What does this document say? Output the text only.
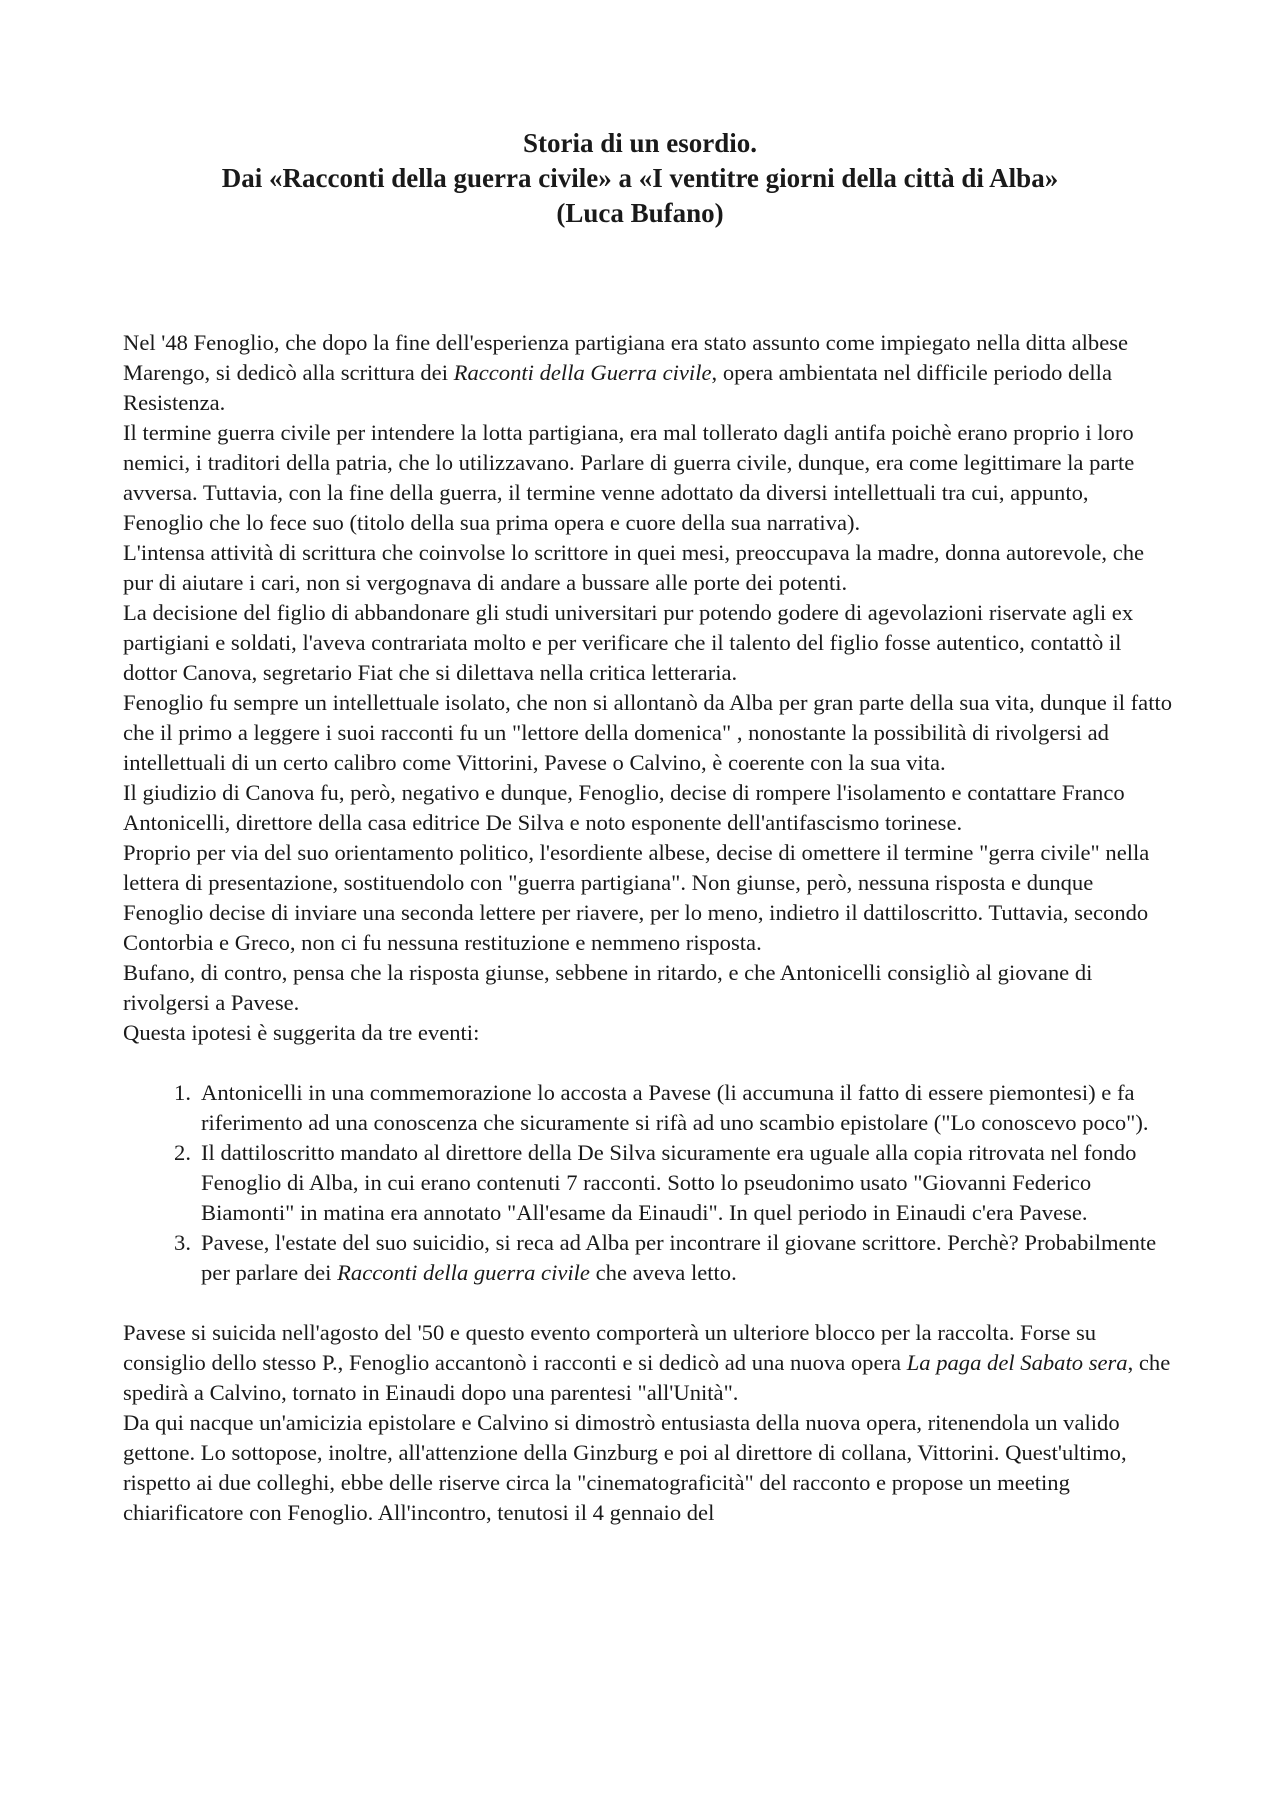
Storia di un esordio.
Dai «Racconti della guerra civile» a «I ventitre giorni della città di Alba»
(Luca Bufano)

Nel '48 Fenoglio, che dopo la fine dell'esperienza partigiana era stato assunto come impiegato nella ditta albese Marengo, si dedicò alla scrittura dei Racconti della Guerra civile, opera ambientata nel difficile periodo della Resistenza.

Il termine guerra civile per intendere la lotta partigiana, era mal tollerato dagli antifa poichè erano proprio i loro nemici, i traditori della patria, che lo utilizzavano. Parlare di guerra civile, dunque, era come legittimare la parte avversa. Tuttavia, con la fine della guerra, il termine venne adottato da diversi intellettuali tra cui, appunto, Fenoglio che lo fece suo (titolo della sua prima opera e cuore della sua narrativa).

L'intensa attività di scrittura che coinvolse lo scrittore in quei mesi, preoccupava la madre, donna autorevole, che pur di aiutare i cari, non si vergognava di andare a bussare alle porte dei potenti.

La decisione del figlio di abbandonare gli studi universitari pur potendo godere di agevolazioni riservate agli ex partigiani e soldati, l'aveva contrariata molto e per verificare che il talento del figlio fosse autentico, contattò il dottor Canova, segretario Fiat che si dilettava nella critica letteraria.

Fenoglio fu sempre un intellettuale isolato, che non si allontanò da Alba per gran parte della sua vita, dunque il fatto che il primo a leggere i suoi racconti fu un "lettore della domenica" , nonostante la possibilità di rivolgersi ad intellettuali di un certo calibro come Vittorini, Pavese o Calvino, è coerente con la sua vita.

Il giudizio di Canova fu, però, negativo e dunque, Fenoglio, decise di rompere l'isolamento e contattare Franco Antonicelli, direttore della casa editrice De Silva e noto esponente dell'antifascismo torinese.

Proprio per via del suo orientamento politico, l'esordiente albese, decise di omettere il termine "gerra civile" nella lettera di presentazione, sostituendolo con "guerra partigiana". Non giunse, però, nessuna risposta e dunque Fenoglio decise di inviare una seconda lettere per riavere, per lo meno, indietro il dattiloscritto. Tuttavia, secondo Contorbia e Greco, non ci fu nessuna restituzione e nemmeno risposta.

Bufano, di contro, pensa che la risposta giunse, sebbene in ritardo, e che Antonicelli consigliò al giovane di rivolgersi a Pavese.

Questa ipotesi è suggerita da tre eventi:

1. Antonicelli in una commemorazione lo accosta a Pavese (li accumuna il fatto di essere piemontesi) e fa riferimento ad una conoscenza che sicuramente si rifà ad uno scambio epistolare ("Lo conoscevo poco").
2. Il dattiloscritto mandato al direttore della De Silva sicuramente era uguale alla copia ritrovata nel fondo Fenoglio di Alba, in cui erano contenuti 7 racconti. Sotto lo pseudonimo usato "Giovanni Federico Biamonti" in matina era annotato "All'esame da Einaudi". In quel periodo in Einaudi c'era Pavese.
3. Pavese, l'estate del suo suicidio, si reca ad Alba per incontrare il giovane scrittore. Perchè? Probabilmente per parlare dei Racconti della guerra civile che aveva letto.

Pavese si suicida nell'agosto del '50 e questo evento comporterà un ulteriore blocco per la raccolta. Forse su consiglio dello stesso P., Fenoglio accantonò i racconti e si dedicò ad una nuova opera La paga del Sabato sera, che spedirà a Calvino, tornato in Einaudi dopo una parentesi "all'Unità".

Da qui nacque un'amicizia epistolare e Calvino si dimostrò entusiasta della nuova opera, ritenendola un valido gettone. Lo sottopose, inoltre, all'attenzione della Ginzburg e poi al direttore di collana, Vittorini. Quest'ultimo, rispetto ai due colleghi, ebbe delle riserve circa la "cinematograficità" del racconto e propose un meeting chiarificatore con Fenoglio. All'incontro, tenutosi il 4 gennaio del
